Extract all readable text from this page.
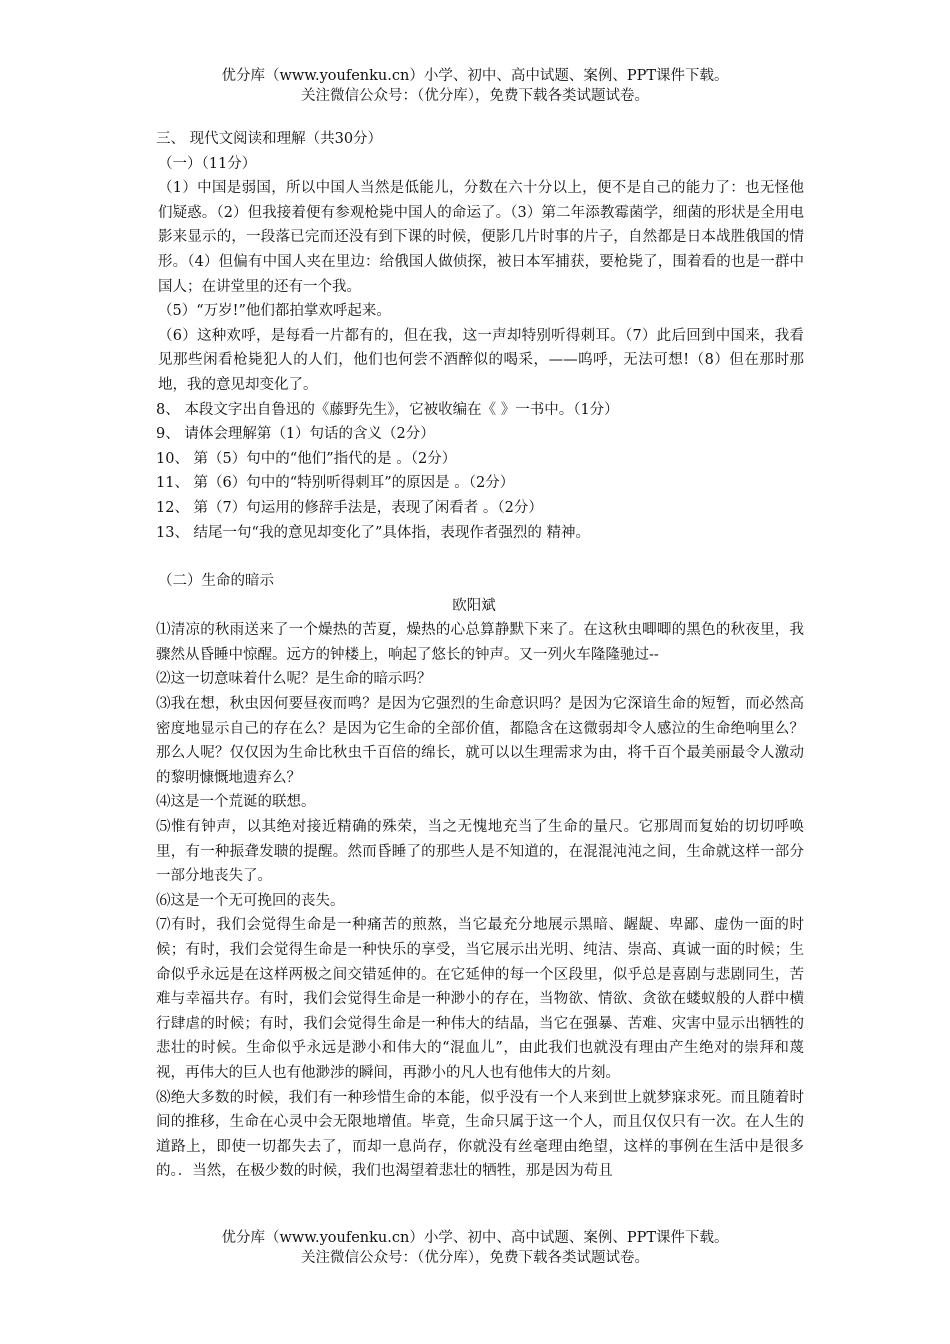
优分库（www.youfenku.cn）小学、初中、高中试题、案例、PPT课件下载。
关注微信公众号：（优分库），免费下载各类试题试卷。

三、 现代文阅读和理解（共30分）

（一）（11分）

（1）中国是弱国，所以中国人当然是低能儿，分数在六十分以上，便不是自己的能力了：也无怪他们疑惑。（2）但我接着便有参观枪毙中国人的命运了。（3）第二年添教霉菌学，细菌的形状是全用电影来显示的，一段落已完而还没有到下课的时候，便影几片时事的片子，自然都是日本战胜俄国的情形。（4）但偏有中国人夹在里边：给俄国人做侦探，被日本军捕获，要枪毙了，围着看的也是一群中国人；在讲堂里的还有一个我。

（5）“万岁!”他们都拍掌欢呼起来。

（6）这种欢呼，是每看一片都有的，但在我，这一声却特别听得刺耳。（7）此后回到中国来，我看见那些闲看枪毙犯人的人们，他们也何尝不酒醉似的喝采，——呜呼，无法可想!（8）但在那时那地，我的意见却变化了。

8、 本段文字出自鲁迅的《藤野先生》，它被收编在《 》一书中。（1分）

9、 请体会理解第（1）句话的含义（2分）

10、 第（5）句中的“他们”指代的是 。（2分）

11、 第（6）句中的“特别听得刺耳”的原因是 。（2分）

12、 第（7）句运用的修辞手法是，表现了闲看者 。（2分）

13、 结尾一句“我的意见却变化了”具体指，表现作者强烈的 精神。

（二）生命的暗示

欧阳斌

⑴清凉的秋雨送来了一个燥热的苦夏，燥热的心总算静默下来了。在这秋虫唧唧的黑色的秋夜里，我骤然从昏睡中惊醒。远方的钟楼上，响起了悠长的钟声。又一列火车隆隆驰过--

⑵这一切意味着什么呢？是生命的暗示吗？

⑶我在想，秋虫因何要昼夜而鸣？是因为它强烈的生命意识吗？是因为它深谙生命的短暂，而必然高密度地显示自己的存在么？是因为它生命的全部价值，都隐含在这微弱却令人感泣的生命绝响里么？那么人呢？仅仅因为生命比秋虫千百倍的绵长，就可以以生理需求为由，将千百个最美丽最令人激动的黎明慷慨地遗弃么？

⑷这是一个荒诞的联想。

⑸惟有钟声，以其绝对接近精确的殊荣，当之无愧地充当了生命的量尺。它那周而复始的切切呼唤里，有一种振聋发聩的提醒。然而昏睡了的那些人是不知道的，在混混沌沌之间，生命就这样一部分一部分地丧失了。

⑹这是一个无可挽回的丧失。

⑺有时，我们会觉得生命是一种痛苦的煎熬，当它最充分地展示黑暗、龌龊、卑鄙、虚伪一面的时候；有时，我们会觉得生命是一种快乐的享受，当它展示出光明、纯洁、崇高、真诚一面的时候；生命似乎永远是在这样两极之间交错延伸的。在它延伸的每一个区段里，似乎总是喜剧与悲剧同生，苦难与幸福共存。有时，我们会觉得生命是一种渺小的存在，当物欲、情欲、贪欲在蝼蚁般的人群中横行肆虐的时候；有时，我们会觉得生命是一种伟大的结晶，当它在强暴、苦难、灾害中显示出牺牲的悲壮的时候。生命似乎永远是渺小和伟大的“混血儿”，由此我们也就没有理由产生绝对的崇拜和蔑视，再伟大的巨人也有他渺涉的瞬间，再渺小的凡人也有他伟大的片刻。

⑻绝大多数的时候，我们有一种珍惜生命的本能，似乎没有一个人来到世上就梦寐求死。而且随着时间的推移，生命在心灵中会无限地增值。毕竟，生命只属于这一个人，而且仅仅只有一次。在人生的道路上，即使一切都失去了，而却一息尚存，你就没有丝毫理由绝望，这样的事例在生活中是很多的。．当然，在极少数的时候，我们也渴望着悲壮的牺牲，那是因为苟且

优分库（www.youfenku.cn）小学、初中、高中试题、案例、PPT课件下载。
关注微信公众号：（优分库），免费下载各类试题试卷。
